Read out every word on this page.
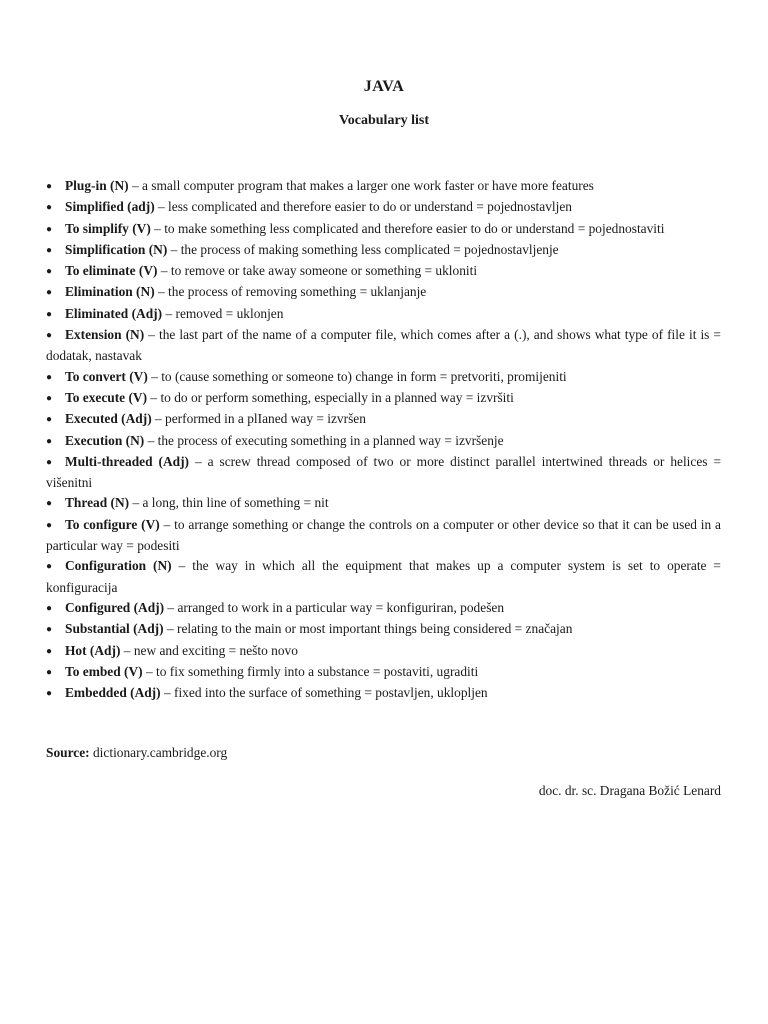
JAVA
Vocabulary list
● Plug-in (N) – a small computer program that makes a larger one work faster or have more features
● Simplified (adj) – less complicated and therefore easier to do or understand = pojednostavljen
● To simplify (V) – to make something less complicated and therefore easier to do or understand = pojednostaviti
● Simplification (N) – the process of making something less complicated = pojednostavljenje
● To eliminate (V) – to remove or take away someone or something = ukloniti
● Elimination (N) – the process of removing something = uklanjanje
● Eliminated (Adj) – removed = uklonjen
● Extension (N) – the last part of the name of a computer file, which comes after a (.), and shows what type of file it is = dodatak, nastavak
● To convert (V) – to (cause something or someone to) change in form = pretvoriti, promijeniti
● To execute (V) – to do or perform something, especially in a planned way = izvršiti
● Executed (Adj) – performed in a plIaned way = izvršen
● Execution (N) – the process of executing something in a planned way = izvršenje
● Multi-threaded (Adj) – a screw thread composed of two or more distinct parallel intertwined threads or helices = višenitni
● Thread (N) – a long, thin line of something = nit
● To configure (V) – to arrange something or change the controls on a computer or other device so that it can be used in a particular way = podesiti
● Configuration (N) – the way in which all the equipment that makes up a computer system is set to operate = konfiguracija
● Configured (Adj) – arranged to work in a particular way = konfiguriran, podešen
● Substantial (Adj) – relating to the main or most important things being considered = značajan
● Hot (Adj) – new and exciting = nešto novo
● To embed (V) – to fix something firmly into a substance = postaviti, ugraditi
● Embedded (Adj) – fixed into the surface of something = postavljen, uklopljen
Source: dictionary.cambridge.org
doc. dr. sc. Dragana Božić Lenard
